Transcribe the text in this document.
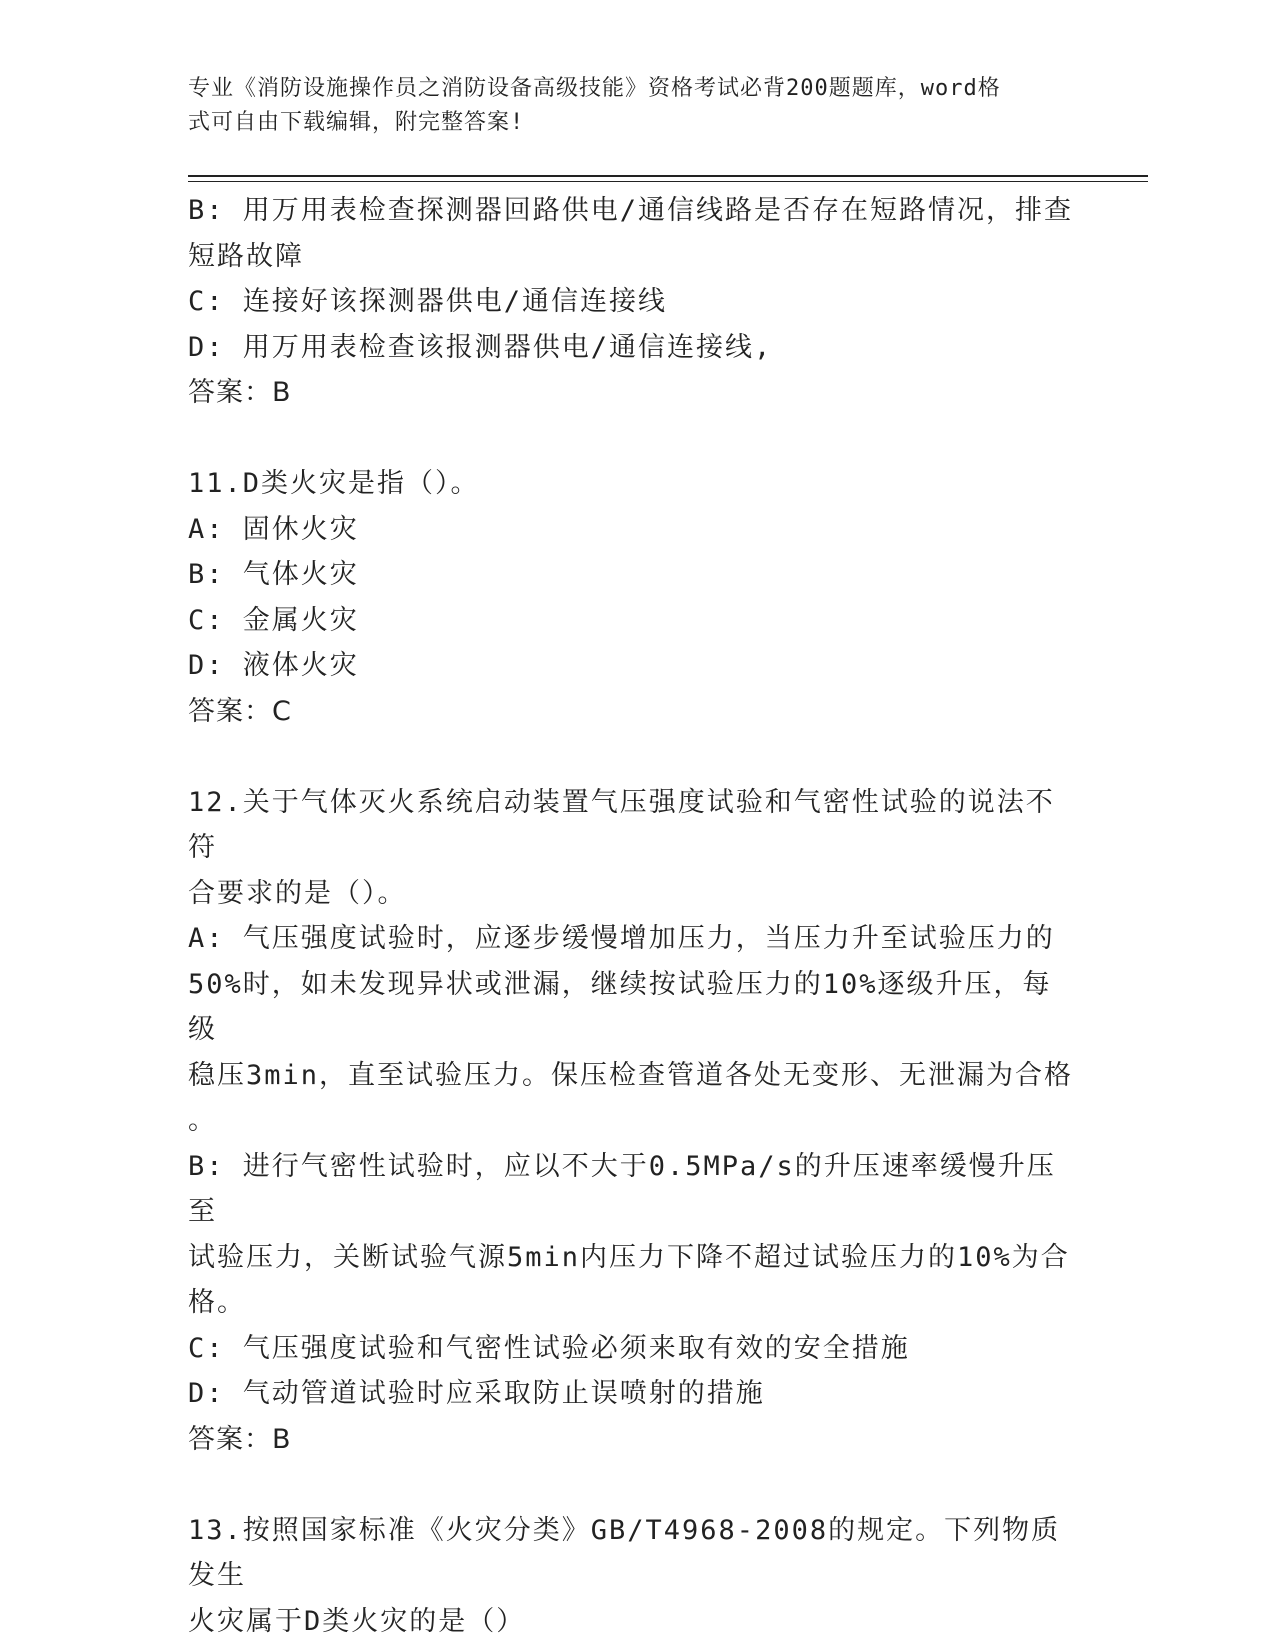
专业《消防设施操作员之消防设备高级技能》资格考试必背200题题库，word格
式可自由下载编辑，附完整答案!
B: 用万用表检查探测器回路供电/通信线路是否存在短路情况，排查
短路故障
C: 连接好该探测器供电/通信连接线
D: 用万用表检查该报测器供电/通信连接线,
答案：B
11.D类火灾是指（）。
A: 固休火灾
B: 气体火灾
C: 金属火灾
D: 液体火灾
答案：C
12.关于气体灭火系统启动装置气压强度试验和气密性试验的说法不符
合要求的是（）。
A: 气压强度试验时，应逐步缓慢增加压力，当压力升至试验压力的
50%时，如未发现异状或泄漏，继续按试验压力的10%逐级升压，每级
稳压3min，直至试验压力。保压检查管道各处无变形、无泄漏为合格
。
B: 进行气密性试验时，应以不大于0.5MPa/s的升压速率缓慢升压至
试验压力，关断试验气源5min内压力下降不超过试验压力的10%为合
格。
C: 气压强度试验和气密性试验必须来取有效的安全措施
D: 气动管道试验时应采取防止误喷射的措施
答案：B
13.按照国家标准《火灾分类》GB/T4968-2008的规定。下列物质发生
火灾属于D类火灾的是（）
